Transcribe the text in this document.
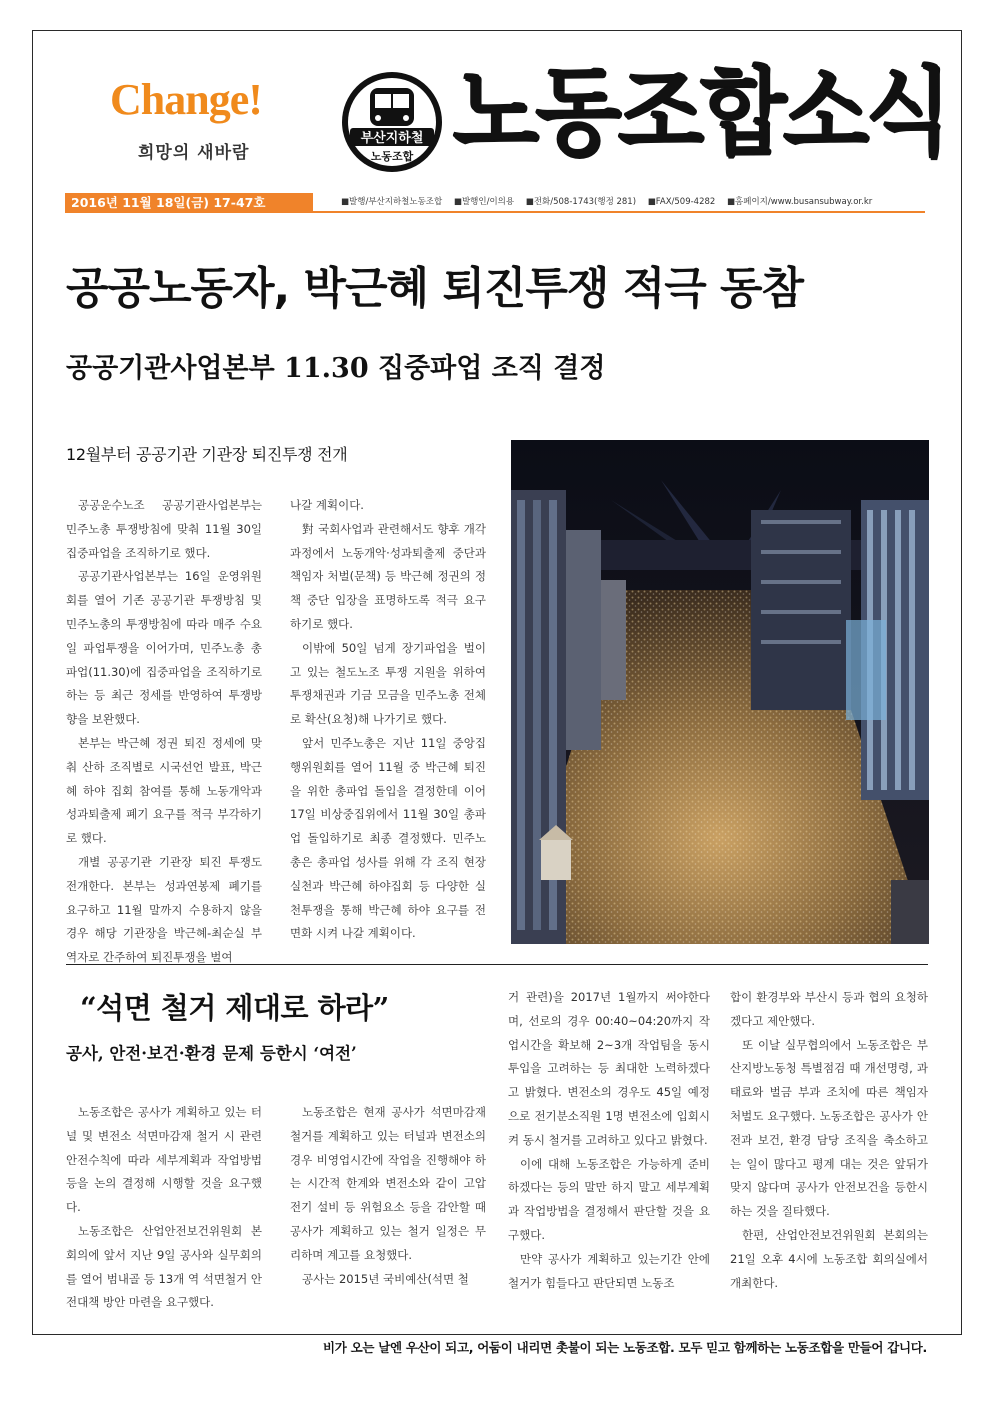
Change!
희망의 새바람
부산지하철
노동조합 노동조합소식
2016년 11월 18일(금) 17-47호	■발행/부산지하철노동조합 ■발행인/이의용 ■전화/508-1743(행정 281) ■FAX/509-4282 ■홈페이지/www.busansubway.or.kr
공공노동자, 박근혜 퇴진투쟁 적극 동참
공공기관사업본부 11.30 집중파업 조직 결정
12월부터 공공기관 기관장 퇴진투쟁 전개

공공운수노조 공공기관사업본부는 민주노총 투쟁방침에 맞춰 11월 30일 집중파업을 조직하기로 했다.

공공기관사업본부는 16일 운영위원회를 열어 기존 공공기관 투쟁방침 및 민주노총의 투쟁방침에 따라 매주 수요일 파업투쟁을 이어가며, 민주노총 총파업(11.30)에 집중파업을 조직하기로 하는 등 최근 정세를 반영하여 투쟁방향을 보완했다.

본부는 박근혜 정권 퇴진 정세에 맞춰 산하 조직별로 시국선언 발표, 박근혜 하야 집회 참여를 통해 노동개악과 성과퇴출제 폐기 요구를 적극 부각하기로 했다.

개별 공공기관 기관장 퇴진 투쟁도 전개한다. 본부는 성과연봉제 폐기를 요구하고 11월 말까지 수용하지 않을 경우 해당 기관장을 박근혜-최순실 부역자로 간주하여 퇴진투쟁을 벌여

나갈 계획이다.

對 국회사업과 관련해서도 향후 개각 과정에서 노동개악·성과퇴출제 중단과 책임자 처벌(문책) 등 박근혜 정권의 정책 중단 입장을 표명하도록 적극 요구하기로 했다.

이밖에 50일 넘게 장기파업을 벌이고 있는 철도노조 투쟁 지원을 위하여 투쟁채권과 기금 모금을 민주노총 전체로 확산(요청)해 나가기로 했다.

앞서 민주노총은 지난 11일 중앙집행위원회를 열어 11월 중 박근혜 퇴진을 위한 총파업 돌입을 결정한데 이어 17일 비상중집위에서 11월 30일 총파업 돌입하기로 최종 결정했다. 민주노총은 총파업 성사를 위해 각 조직 현장 실천과 박근혜 하야집회 등 다양한 실천투쟁을 통해 박근혜 하야 요구를 전면화 시켜 나갈 계획이다.

“석면 철거 제대로 하라”
공사, 안전·보건·환경 문제 등한시 ‘여전’

노동조합은 공사가 계획하고 있는 터널 및 변전소 석면마감재 철거 시 관련 안전수칙에 따라 세부계획과 작업방법 등을 논의 결정해 시행할 것을 요구했다.

노동조합은 산업안전보건위원회 본회의에 앞서 지난 9일 공사와 실무회의를 열어 범내골 등 13개 역 석면철거 안전대책 방안 마련을 요구했다.

노동조합은 현재 공사가 석면마감재 철거를 계획하고 있는 터널과 변전소의 경우 비영업시간에 작업을 진행해야 하는 시간적 한계와 변전소와 같이 고압전기 설비 등 위험요소 등을 감안할 때 공사가 계획하고 있는 철거 일정은 무리하며 계고를 요청했다.

공사는 2015년 국비예산(석면 철

거 관련)을 2017년 1월까지 써야한다며, 선로의 경우 00:40~04:20까지 작업시간을 확보해 2~3개 작업팀을 동시 투입을 고려하는 등 최대한 노력하겠다고 밝혔다. 변전소의 경우도 45일 예정으로 전기분소직원 1명 변전소에 입회시켜 동시 철거를 고려하고 있다고 밝혔다.

이에 대해 노동조합은 가능하게 준비하겠다는 등의 말만 하지 말고 세부계획과 작업방법을 결정해서 판단할 것을 요구했다.

만약 공사가 계획하고 있는기간 안에 철거가 힘들다고 판단되면 노동조

합이 환경부와 부산시 등과 협의 요청하겠다고 제안했다.

또 이날 실무협의에서 노동조합은 부산지방노동청 특별점검 때 개선명령, 과태료와 벌금 부과 조치에 따른 책임자 처벌도 요구했다. 노동조합은 공사가 안전과 보건, 환경 담당 조직을 축소하고는 일이 많다고 평계 대는 것은 앞뒤가 맞지 않다며 공사가 안전보건을 등한시하는 것을 질타했다.

한편, 산업안전보건위원회 본회의는 21일 오후 4시에 노동조합 회의실에서 개최한다.

비가 오는 날엔 우산이 되고, 어둠이 내리면 촛불이 되는 노동조합. 모두 믿고 함께하는 노동조합을 만들어 갑니다.
